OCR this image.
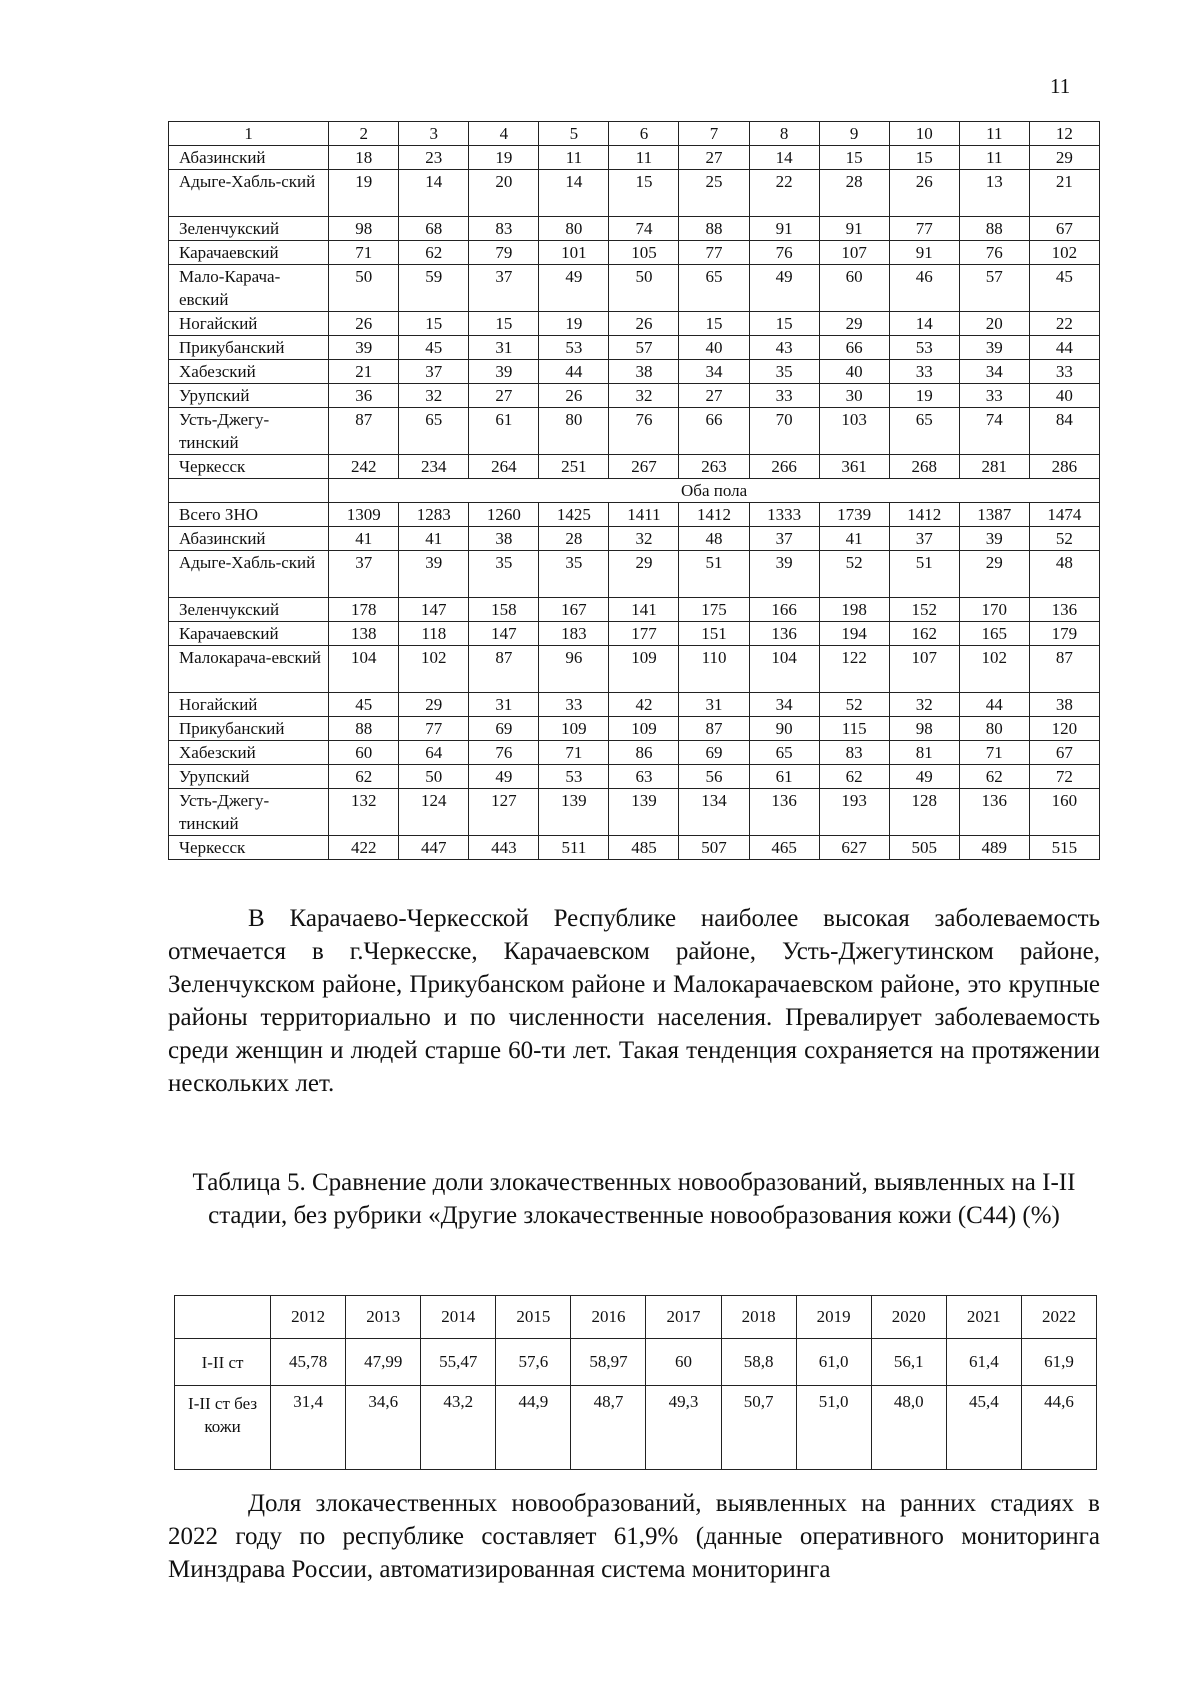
11
1	2	3	4	5	6	7	8	9	10	11	12
Абазинский	18	23	19	11	11	27	14	15	15	11	29
Адыге-Хабль-ский	19	14	20	14	15	25	22	28	26	13	21
Зеленчукский	98	68	83	80	74	88	91	91	77	88	67
Карачаевский	71	62	79	101	105	77	76	107	91	76	102
Мало-Карача-евский	50	59	37	49	50	65	49	60	46	57	45
Ногайский	26	15	15	19	26	15	15	29	14	20	22
Прикубанский	39	45	31	53	57	40	43	66	53	39	44
Хабезский	21	37	39	44	38	34	35	40	33	34	33
Урупский	36	32	27	26	32	27	33	30	19	33	40
Усть-Джегу-тинский	87	65	61	80	76	66	70	103	65	74	84
Черкесск	242	234	264	251	267	263	266	361	268	281	286
	Оба пола										
Всего ЗНО	1309	1283	1260	1425	1411	1412	1333	1739	1412	1387	1474
Абазинский	41	41	38	28	32	48	37	41	37	39	52
Адыге-Хабль-ский	37	39	35	35	29	51	39	52	51	29	48
Зеленчукский	178	147	158	167	141	175	166	198	152	170	136
Карачаевский	138	118	147	183	177	151	136	194	162	165	179
Малокарача-евский	104	102	87	96	109	110	104	122	107	102	87
Ногайский	45	29	31	33	42	31	34	52	32	44	38
Прикубанский	88	77	69	109	109	87	90	115	98	80	120
Хабезский	60	64	76	71	86	69	65	83	81	71	67
Урупский	62	50	49	53	63	56	61	62	49	62	72
Усть-Джегу-тинский	132	124	127	139	139	134	136	193	128	136	160
Черкесск	422	447	443	511	485	507	465	627	505	489	515

В Карачаево-Черкесской Республике наиболее высокая заболеваемость отмечается в г.Черкесске, Карачаевском районе, Усть-Джегутинском районе, Зеленчукском районе, Прикубанском районе и Малокарачаевском районе, это крупные районы территориально и по численности населения. Превалирует заболеваемость среди женщин и людей старше 60-ти лет. Такая тенденция сохраняется на протяжении нескольких лет.

Таблица 5. Сравнение доли злокачественных новообразований, выявленных на I-II стадии, без рубрики «Другие злокачественные новообразования кожи (С44) (%)

	2012	2013	2014	2015	2016	2017	2018	2019	2020	2021	2022
I-II ст	45,78	47,99	55,47	57,6	58,97	60	58,8	61,0	56,1	61,4	61,9
I-II ст без кожи	31,4	34,6	43,2	44,9	48,7	49,3	50,7	51,0	48,0	45,4	44,6

Доля злокачественных новообразований, выявленных на ранних стадиях в 2022 году по республике составляет 61,9% (данные оперативного мониторинга Минздрава России, автоматизированная система мониторинга
